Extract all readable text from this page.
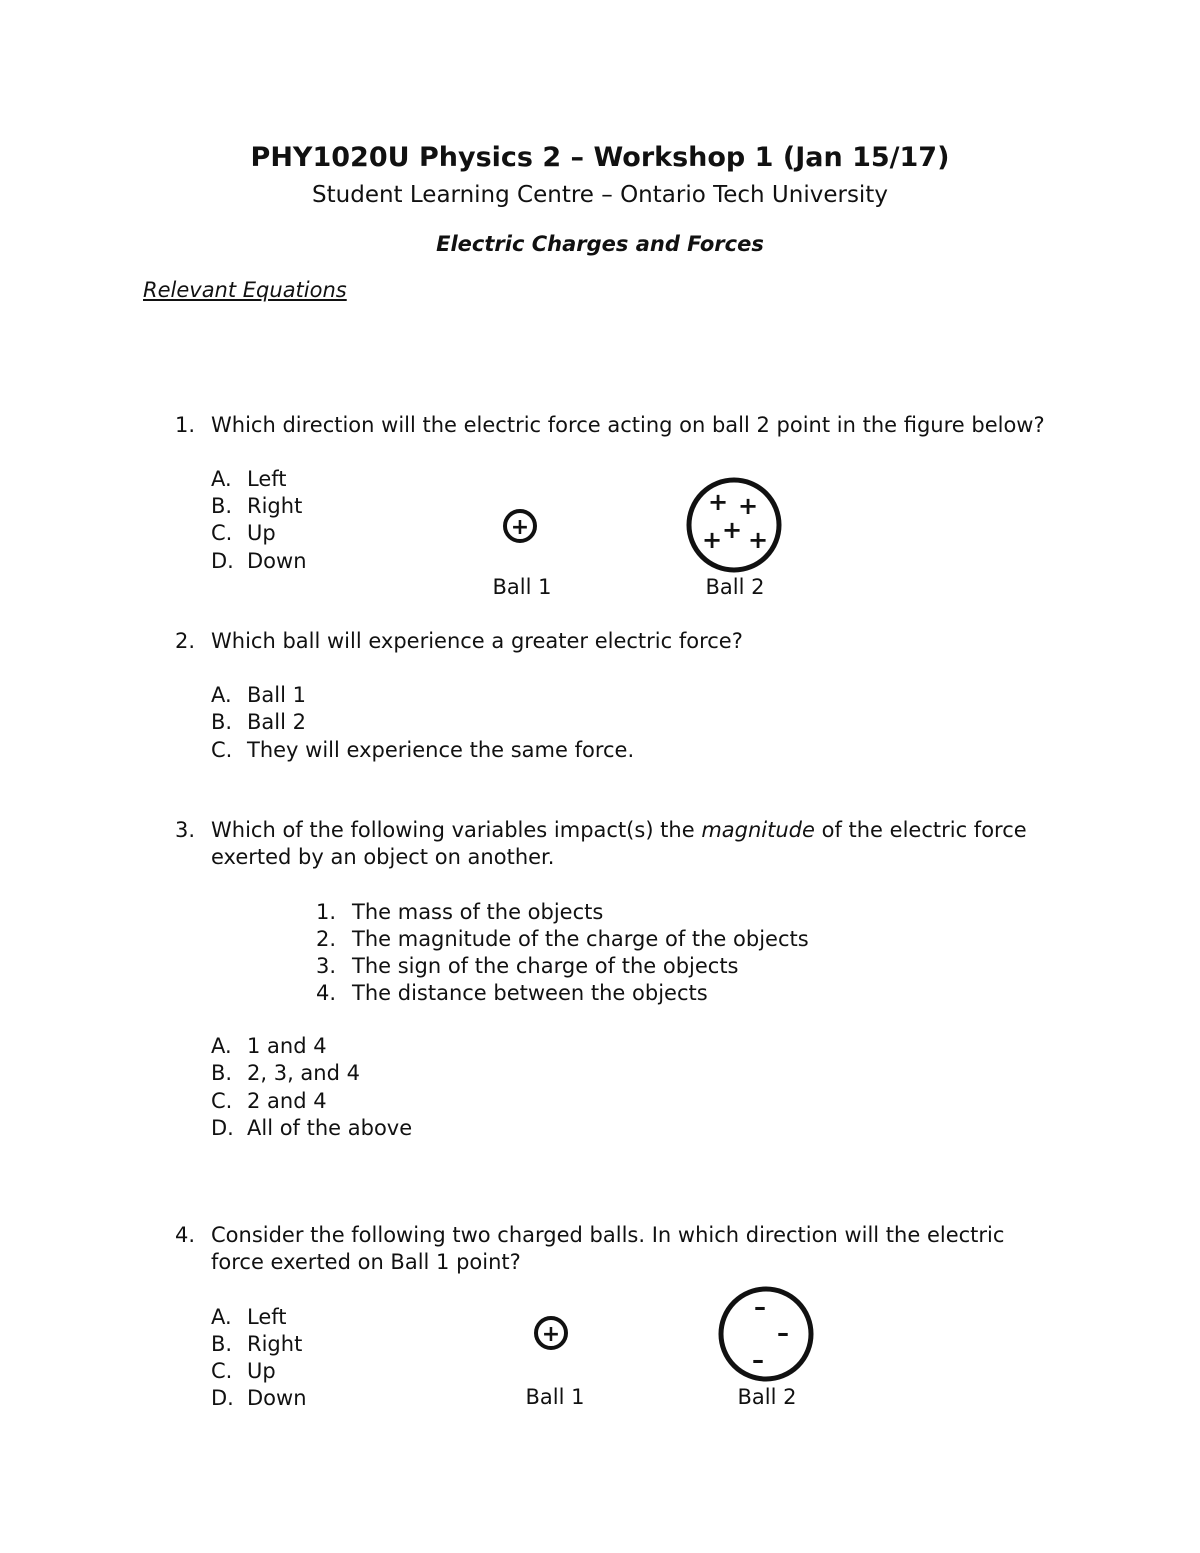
PHY1020U Physics 2 – Workshop 1 (Jan 15/17)
Student Learning Centre – Ontario Tech University
Electric Charges and Forces
Relevant Equations
1. Which direction will the electric force acting on ball 2 point in the figure below?
A. Left
B. Right
C. Up
D. Down
+
Ball 1
+ +
+
+ +
Ball 2
2. Which ball will experience a greater electric force?
A. Ball 1
B. Ball 2
C. They will experience the same force.
3. Which of the following variables impact(s) the magnitude of the electric force
exerted by an object on another.
1. The mass of the objects
2. The magnitude of the charge of the objects
3. The sign of the charge of the objects
4. The distance between the objects
A. 1 and 4
B. 2, 3, and 4
C. 2 and 4
D. All of the above
4. Consider the following two charged balls. In which direction will the electric
force exerted on Ball 1 point?
A. Left
B. Right
C. Up
D. Down
+
Ball 1
–
–
–
Ball 2
